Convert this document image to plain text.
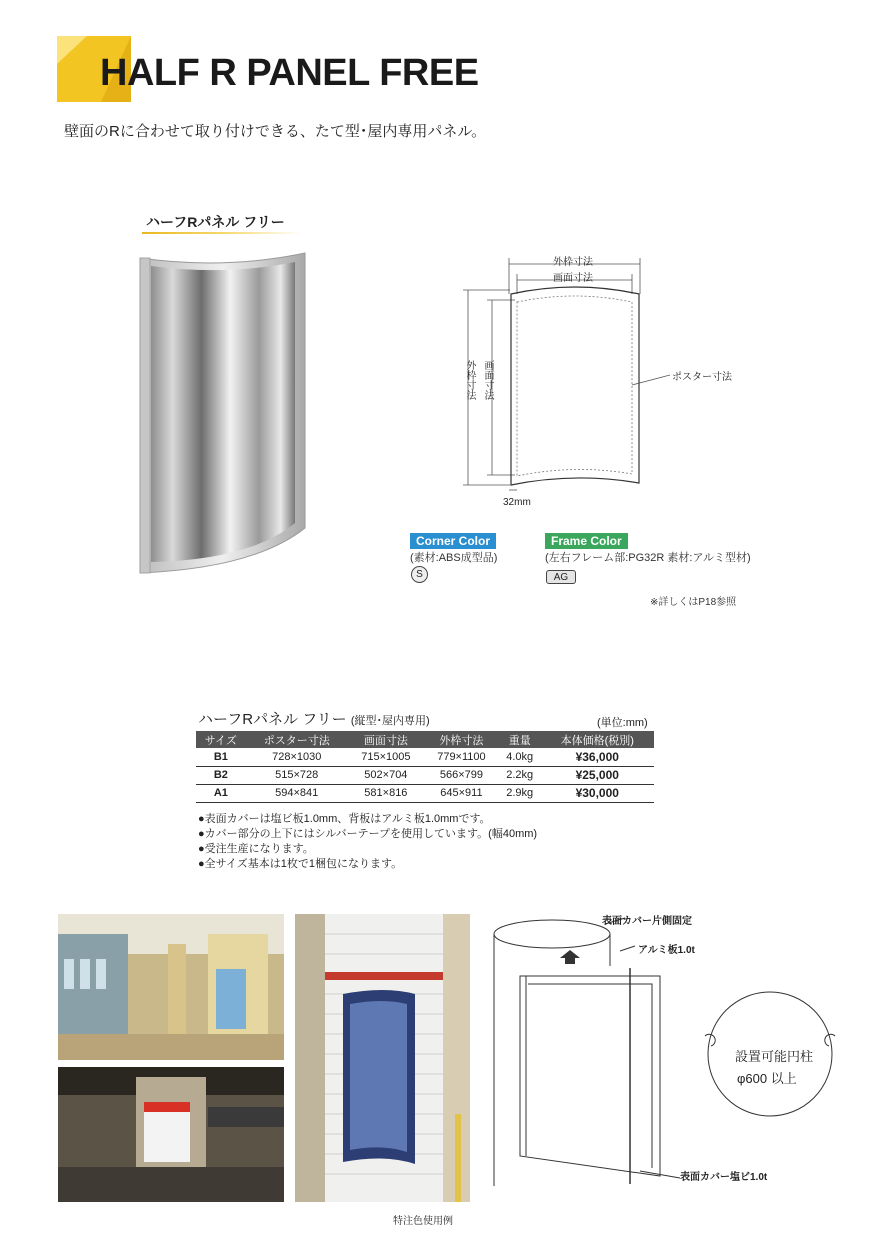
HALF R PANEL FREE
壁面のRに合わせて取り付けできる、たて型･屋内専用パネル。
ハーフRパネル フリー
外枠寸法
画面寸法
外枠寸法 画面寸法	ポスター寸法
32mm
Corner Color
(素材:ABS成型品)
S
Frame Color
(左右フレーム部:PG32R 素材:アルミ型材)
AG
※詳しくはP18参照
ハーフRパネル フリー (縦型･屋内専用)	(単位:mm)
サイズ	ポスター寸法	画面寸法	外枠寸法	重量	本体価格(税別)
B1	728×1030	715×1005	779×1100	4.0kg	¥36,000
B2	515×728	502×704	566×799	2.2kg	¥25,000
A1	594×841	581×816	645×911	2.9kg	¥30,000
●表面カバーは塩ビ板1.0mm、背板はアルミ板1.0mmです。
●カバー部分の上下にはシルバーテープを使用しています。(幅40mm)
●受注生産になります。
●全サイズ基本は1枚で1梱包になります。
特注色使用例
表面カバー片側固定
アルミ板1.0t
表面カバー塩ビ1.0t
設置可能円柱
φ600 以上
